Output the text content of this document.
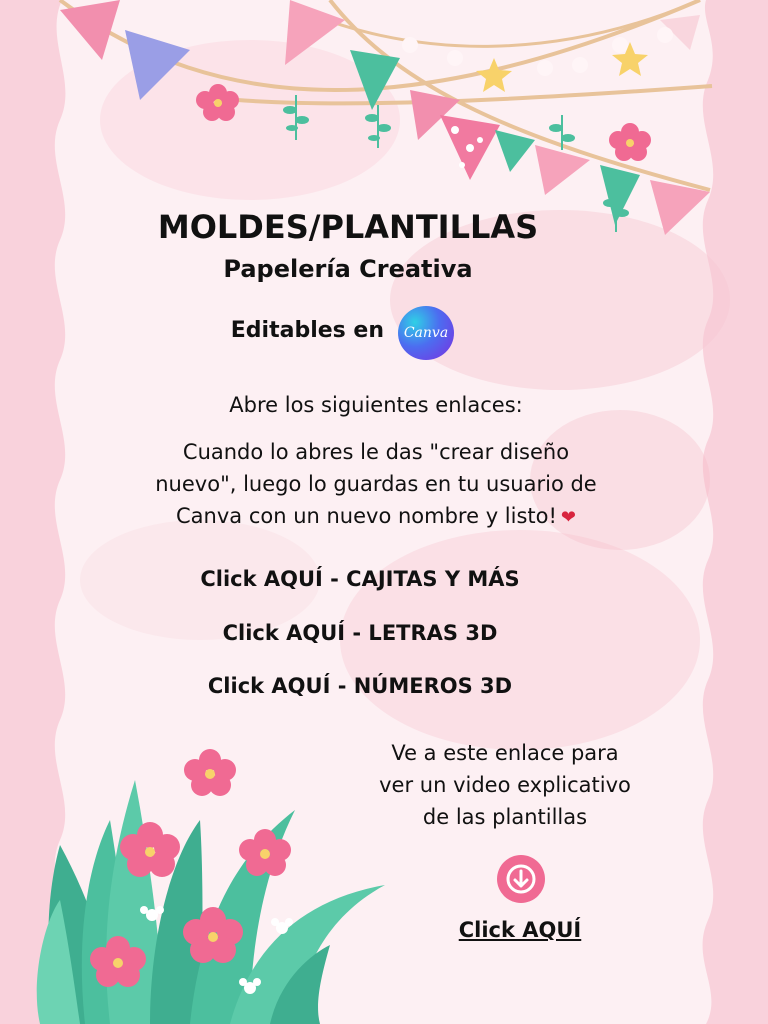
MOLDES/PLANTILLAS
Papelería Creativa
Editables en	Canva
Abre los siguientes enlaces:
Cuando lo abres le das "crear diseño
nuevo", luego lo guardas en tu usuario de
Canva con un nuevo nombre y listo! ❤
Click AQUÍ - CAJITAS Y MÁS
Click AQUÍ - LETRAS 3D
Click AQUÍ - NÚMEROS 3D
Ve a este enlace para
ver un video explicativo
de las plantillas
Click AQUÍ
